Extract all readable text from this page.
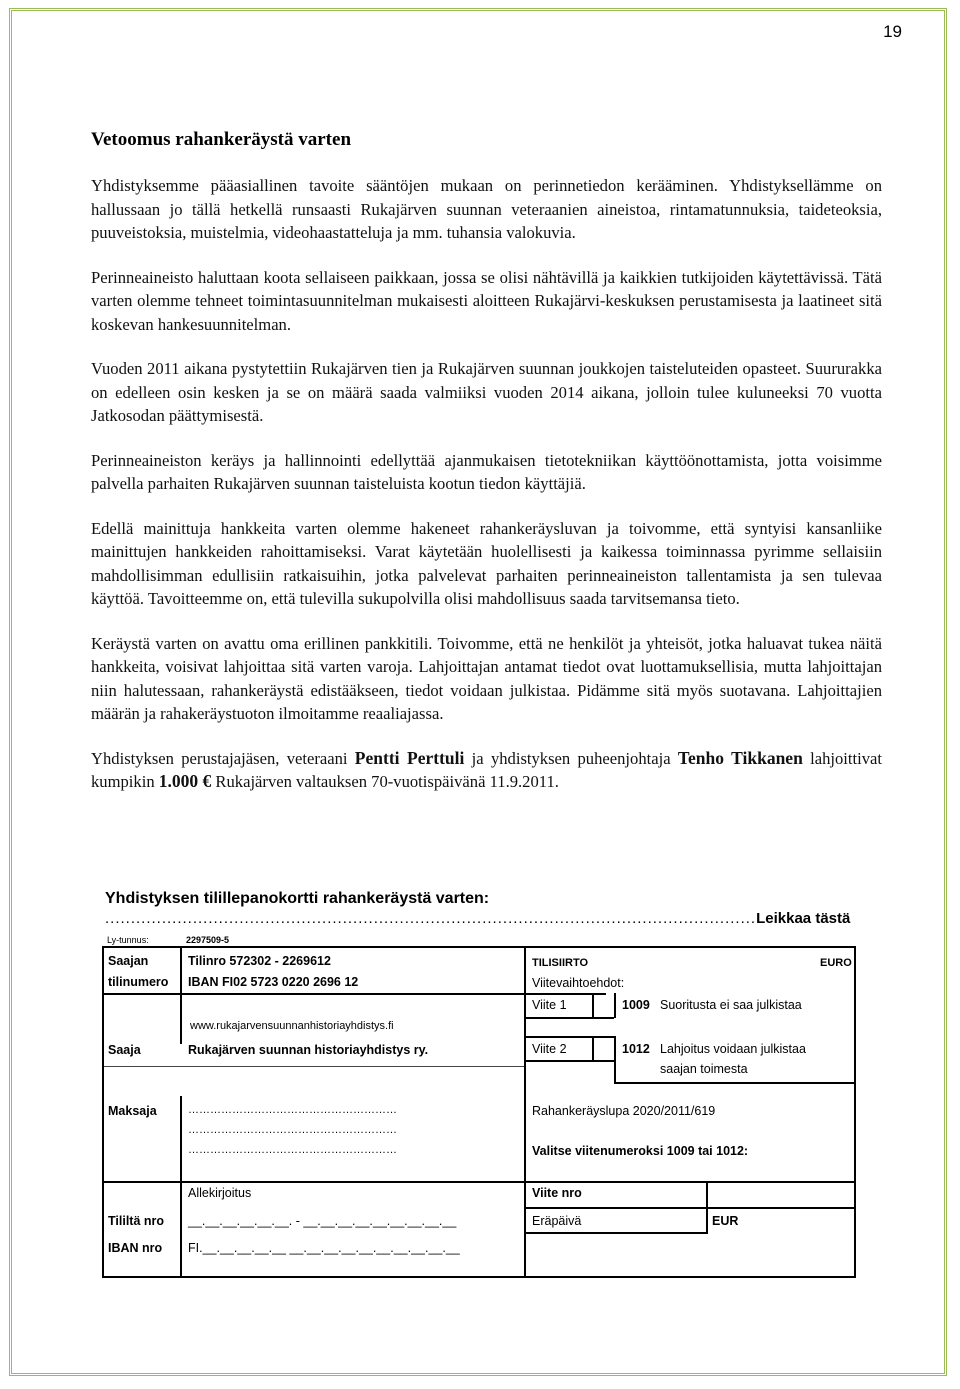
19
Vetoomus rahankeräystä varten

Yhdistyksemme pääasiallinen tavoite sääntöjen mukaan on perinnetiedon kerääminen. Yhdistyksellämme on hallussaan jo tällä hetkellä runsaasti Rukajärven suunnan veteraanien aineistoa, rintamatunnuksia, taideteoksia, puuveistoksia, muistelmia, videohaastatteluja ja mm. tuhansia valokuvia.

Perinneaineisto haluttaan koota sellaiseen paikkaan, jossa se olisi nähtävillä ja kaikkien tutkijoiden käytettävissä. Tätä varten olemme tehneet toimintasuunnitelman mukaisesti aloitteen Rukajärvi-keskuksen perustamisesta ja laatineet sitä koskevan hankesuunnitelman.

Vuoden 2011 aikana pystytettiin Rukajärven tien ja Rukajärven suunnan joukkojen taisteluteiden opasteet. Suururakka on edelleen osin kesken ja se on määrä saada valmiiksi vuoden 2014 aikana, jolloin tulee kuluneeksi 70 vuotta Jatkosodan päättymisestä.

Perinneaineiston keräys ja hallinnointi edellyttää ajanmukaisen tietotekniikan käyttöönottamista, jotta voisimme palvella parhaiten Rukajärven suunnan taisteluista kootun tiedon käyttäjiä.

Edellä mainittuja hankkeita varten olemme hakeneet rahankeräysluvan ja toivomme, että syntyisi kansanliike mainittujen hankkeiden rahoittamiseksi. Varat käytetään huolellisesti ja kaikessa toiminnassa pyrimme sellaisiin mahdollisimman edullisiin ratkaisuihin, jotka palvelevat parhaiten perinneaineiston tallentamista ja sen tulevaa käyttöä. Tavoitteemme on, että tulevilla sukupolvilla olisi mahdollisuus saada tarvitsemansa tieto.

Keräystä varten on avattu oma erillinen pankkitili. Toivomme, että ne henkilöt ja yhteisöt, jotka haluavat tukea näitä hankkeita, voisivat lahjoittaa sitä varten varoja. Lahjoittajan antamat tiedot ovat luottamuksellisia, mutta lahjoittajan niin halutessaan, rahankeräystä edistääkseen, tiedot voidaan julkistaa. Pidämme sitä myös suotavana. Lahjoittajien määrän ja rahakeräystuoton ilmoitamme reaaliajassa.

Yhdistyksen perustajajäsen, veteraani Pentti Perttuli ja yhdistyksen puheenjohtaja Tenho Tikkanen lahjoittivat kumpikin 1.000 € Rukajärven valtauksen 70-vuotispäivänä 11.9.2011.

Yhdistyksen tilillepanokortti rahankeräystä varten:
..............................................................................................................................Leikkaa tästä
Ly-tunnus:	2297509-5
Saajan
tilinumero
Tilinro 572302 - 2269612
IBAN FI02 5723 0220 2696 12
www.rukajarvensuunnanhistoriayhdistys.fi
Saaja	Rukajärven suunnan historiayhdistys ry.
Maksaja	…………………………………………………
…………………………………………………
…………………………………………………
Allekirjoitus
Tililtä nro __.__.__.__.__.__. - __.__.__.__.__.__.__.__.__
IBAN nro FI.__.__.__.__.__ __.__.__.__.__.__.__.__.__.__
TILISIIRTO	EURO
Viitevaihtoehdot:
Viite 1	1009 Suoritusta ei saa julkistaa
Viite 2	1012 Lahjoitus voidaan julkistaa
saajan toimesta
Rahankeräyslupa 2020/2011/619
Valitse viitenumeroksi 1009 tai 1012:
Viite nro
Eräpäivä	EUR
